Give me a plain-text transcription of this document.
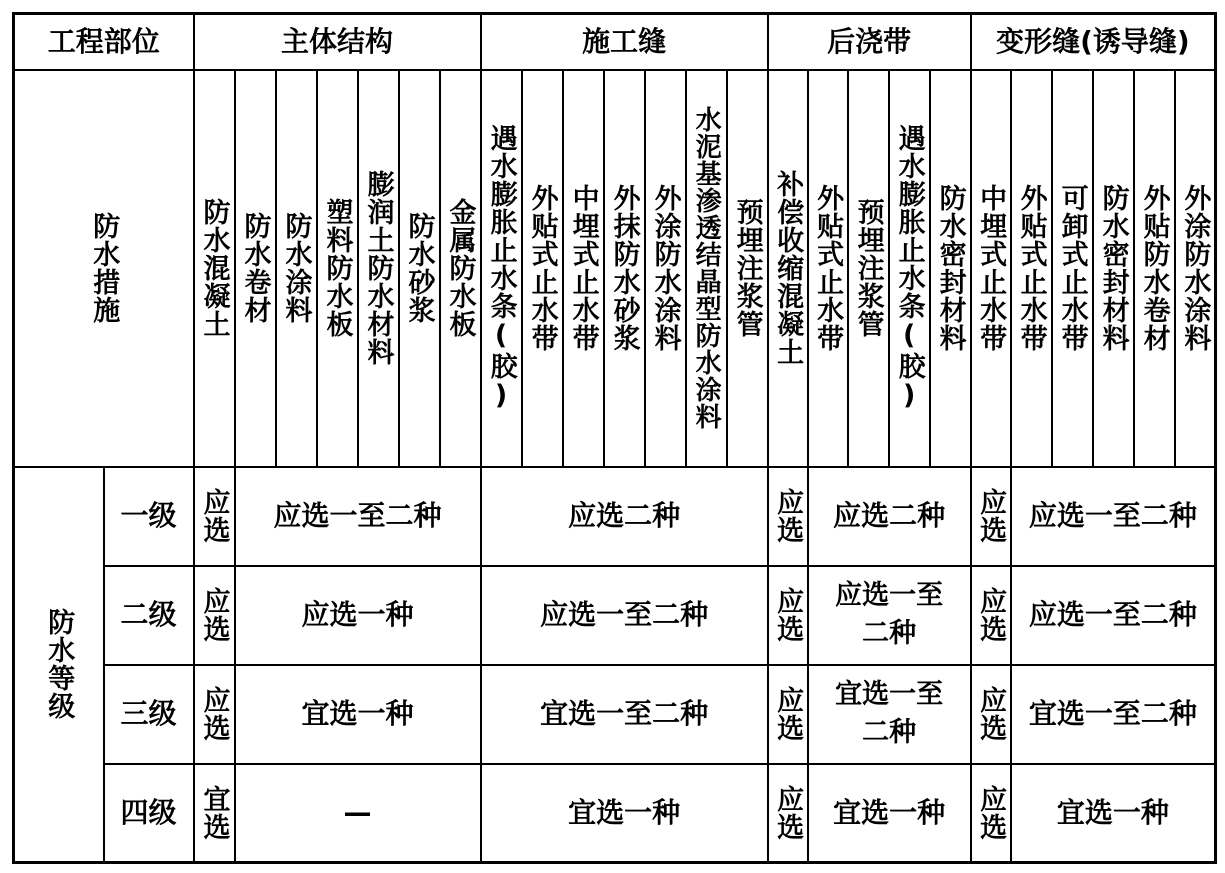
工程部位		主体结构							施工缝							后浇带					变形缝(诱导缝)					

防水措施		防水混凝土	防水卷材	防水涂料	塑料防水板	膨润土防水材料	防水砂浆	金属防水板	遇水膨胀止水条(胶)	外贴式止水带	中埋式止水带	外抹防水砂浆	外涂防水涂料	水泥基渗透结晶型防水涂料	预埋注浆管	补偿收缩混凝土	外贴式止水带	预埋注浆管	遇水膨胀止水条(胶)	防水密封材料	中埋式止水带	外贴式止水带	可卸式止水带	防水密封材料	外贴防水卷材	外涂防水涂料

防水等级	一级	应选	应选一至二种						应选二种							应选	应选二种				应选	应选一至二种				
	二级	应选	应选一种						应选一至二种							应选	应选一至二种				应选	应选一至二种				
	三级	应选	宜选一种						宜选一至二种							应选	宜选一至二种				应选	宜选一至二种				
	四级	宜选	—						宜选一种							应选	宜选一种				应选	宜选一种				
